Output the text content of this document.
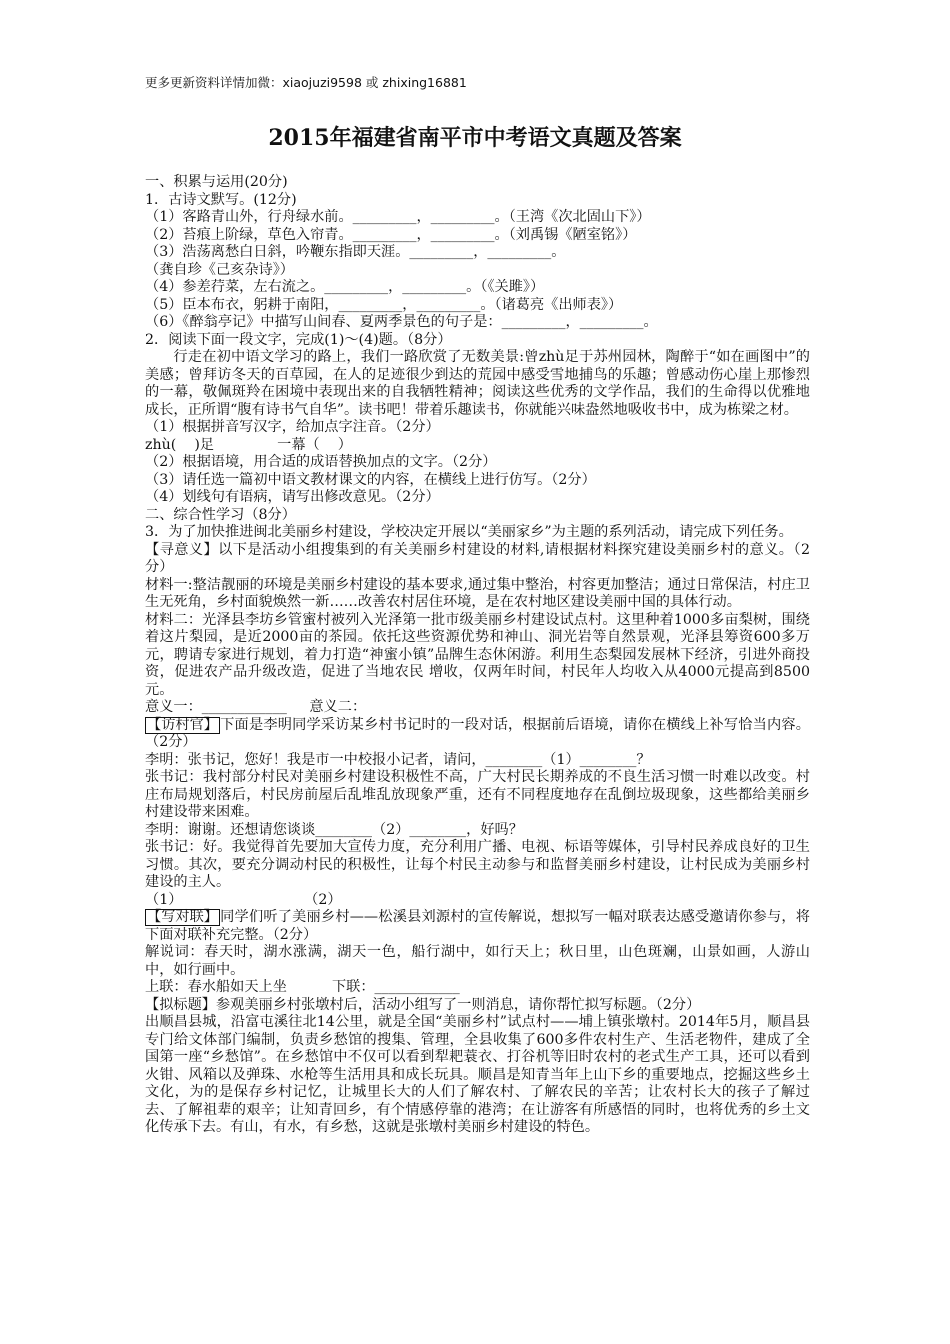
更多更新资料详情加微：xiaojuzi9598 或 zhixing16881
2015年福建省南平市中考语文真题及答案
一、积累与运用(20分)
1．古诗文默写。(12分)
（1）客路青山外，行舟绿水前。_________，_________。（王湾《次北固山下》）
（2）苔痕上阶绿，草色入帘青。_________，_________。（刘禹锡《陋室铭》）
（3）浩荡离愁白日斜，吟鞭东指即天涯。_________，_________。
（龚自珍《己亥杂诗》）
（4）参差荇菜，左右流之。_________，_________。（《关雎》）
（5）臣本布衣，躬耕于南阳，_________，_________。（诸葛亮《出师表》）
（6）《醉翁亭记》中描写山间春、夏两季景色的句子是：_________，_________。
2．阅读下面一段文字，完成(1)～(4)题。（8分）
行走在初中语文学习的路上，我们一路欣赏了无数美景:曾zhù足于苏州园林，陶醉于“如在画图中”的美感；曾拜访冬天的百草园，在人的足迹很少到达的荒园中感受雪地捕鸟的乐趣；曾感动伤心崖上那惨烈的一幕，敬佩斑羚在困境中表现出来的自我牺牲精神；阅读这些优秀的文学作品，我们的生命得以优雅地成长，正所谓“腹有诗书气自华”。读书吧！带着乐趣读书，你就能兴味盎然地吸收书中，成为栋梁之材。
（1）根据拼音写汉字，给加点字注音。（2分）
zhù(    )足              一幕（    ）
（2）根据语境，用合适的成语替换加点的文字。（2分）
（3）请任选一篇初中语文教材课文的内容，在横线上进行仿写。（2分）
（4）划线句有语病，请写出修改意见。（2分）
二、综合性学习（8分）
3．为了加快推进闽北美丽乡村建设，学校决定开展以“美丽家乡”为主题的系列活动，请完成下列任务。
【寻意义】以下是活动小组搜集到的有关美丽乡村建设的材料,请根据材料探究建设美丽乡村的意义。（2分）
材料一:整洁靓丽的环境是美丽乡村建设的基本要求,通过集中整治，村容更加整洁；通过日常保洁，村庄卫生无死角，乡村面貌焕然一新……改善农村居住环境，是在农村地区建设美丽中国的具体行动。
材料二：光泽县李坊乡管蜜村被列入光泽第一批市级美丽乡村建设试点村。这里种着1000多亩梨树，围绕着这片梨园，是近2000亩的茶园。依托这些资源优势和神山、洞光岩等自然景观，光泽县筹资600多万元，聘请专家进行规划，着力打造“神蜜小镇”品牌生态休闲游。利用生态梨园发展林下经济，引进外商投资，促进农产品升级改造，促进了当地农民 增收，仅两年时间，村民年人均收入从4000元提高到8500元。
意义一：____________     意义二：
【访村官】 下面是李明同学采访某乡村书记时的一段对话，根据前后语境，请你在横线上补写恰当内容。（2分）
李明：张书记，您好！我是市一中校报小记者，请问，________（1）________？
张书记：我村部分村民对美丽乡村建设积极性不高，广大村民长期养成的不良生活习惯一时难以改变。村庄布局规划落后，村民房前屋后乱堆乱放现象严重，还有不同程度地存在乱倒垃圾现象，这些都给美丽乡村建设带来困难。
李明：谢谢。还想请您谈谈________（2）________，好吗？
张书记：好。我觉得首先要加大宣传力度，充分利用广播、电视、标语等媒体，引导村民养成良好的卫生习惯。其次，要充分调动村民的积极性，让每个村民主动参与和监督美丽乡村建设，让村民成为美丽乡村建设的主人。
（1）                           （2）
【写对联】 同学们听了美丽乡村——松溪县刘源村的宣传解说，想拟写一幅对联表达感受邀请你参与，将下面对联补充完整。（2分）
解说词：春天时，湖水涨满，湖天一色，船行湖中，如行天上；秋日里，山色斑斓，山景如画，人游山中，如行画中。
上联：春水船如天上坐          下联：____________
【拟标题】参观美丽乡村张墩村后，活动小组写了一则消息，请你帮忙拟写标题。（2分）
出顺昌县城，沿富屯溪往北14公里，就是全国“美丽乡村”试点村——埔上镇张墩村。2014年5月，顺昌县专门给文体部门编制，负责乡愁馆的搜集、管理，全县收集了600多件农村生产、生活老物件，建成了全国第一座“乡愁馆”。在乡愁馆中不仅可以看到犁耙蓑衣、打谷机等旧时农村的老式生产工具，还可以看到火钳、风箱以及弹珠、水枪等生活用具和成长玩具。顺昌是知青当年上山下乡的重要地点，挖掘这些乡土文化，为的是保存乡村记忆，让城里长大的人们了解农村、了解农民的辛苦；让农村长大的孩子了解过去、了解祖辈的艰辛；让知青回乡，有个情感停靠的港湾；在让游客有所感悟的同时，也将优秀的乡土文化传承下去。有山，有水，有乡愁，这就是张墩村美丽乡村建设的特色。
